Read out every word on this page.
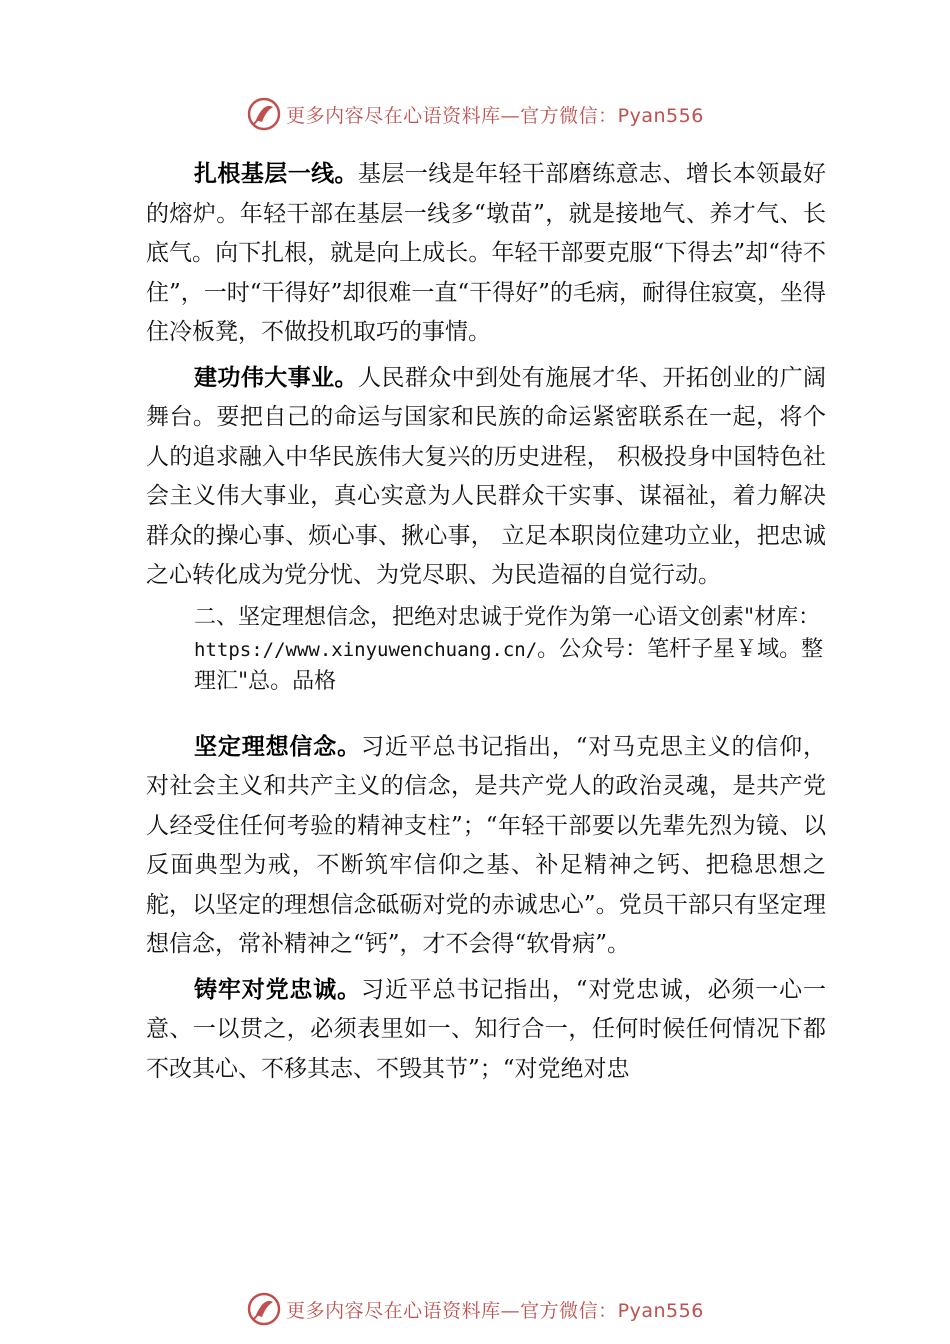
更多内容尽在心语资料库—官方微信：Pyan556

扎根基层一线。基层一线是年轻干部磨练意志、增长本领最好的熔炉。年轻干部在基层一线多“墩苗”，就是接地气、养才气、长底气。向下扎根，就是向上成长。年轻干部要克服“下得去”却“待不住”，一时“干得好”却很难一直“干得好”的毛病，耐得住寂寞，坐得住冷板凳，不做投机取巧的事情。

建功伟大事业。人民群众中到处有施展才华、开拓创业的广阔舞台。要把自己的命运与国家和民族的命运紧密联系在一起，将个人的追求融入中华民族伟大复兴的历史进程， 积极投身中国特色社会主义伟大事业，真心实意为人民群众干实事、谋福祉，着力解决群众的操心事、烦心事、揪心事， 立足本职岗位建功立业，把忠诚之心转化成为党分忧、为党尽职、为民造福的自觉行动。

二、坚定理想信念，把绝对忠诚于党作为第一心语文创素"材库：https://www.xinyuwenchuang.cn/。公众号：笔杆子星￥域。整理汇"总。品格

坚定理想信念。习近平总书记指出，“对马克思主义的信仰，对社会主义和共产主义的信念，是共产党人的政治灵魂，是共产党人经受住任何考验的精神支柱”；“年轻干部要以先辈先烈为镜、以反面典型为戒，不断筑牢信仰之基、补足精神之钙、把稳思想之舵，以坚定的理想信念砥砺对党的赤诚忠心”。党员干部只有坚定理想信念，常补精神之“钙”，才不会得“软骨病”。

铸牢对党忠诚。习近平总书记指出，“对党忠诚，必须一心一意、一以贯之，必须表里如一、知行合一，任何时候任何情况下都不改其心、不移其志、不毁其节”；“对党绝对忠

更多内容尽在心语资料库—官方微信：Pyan556
